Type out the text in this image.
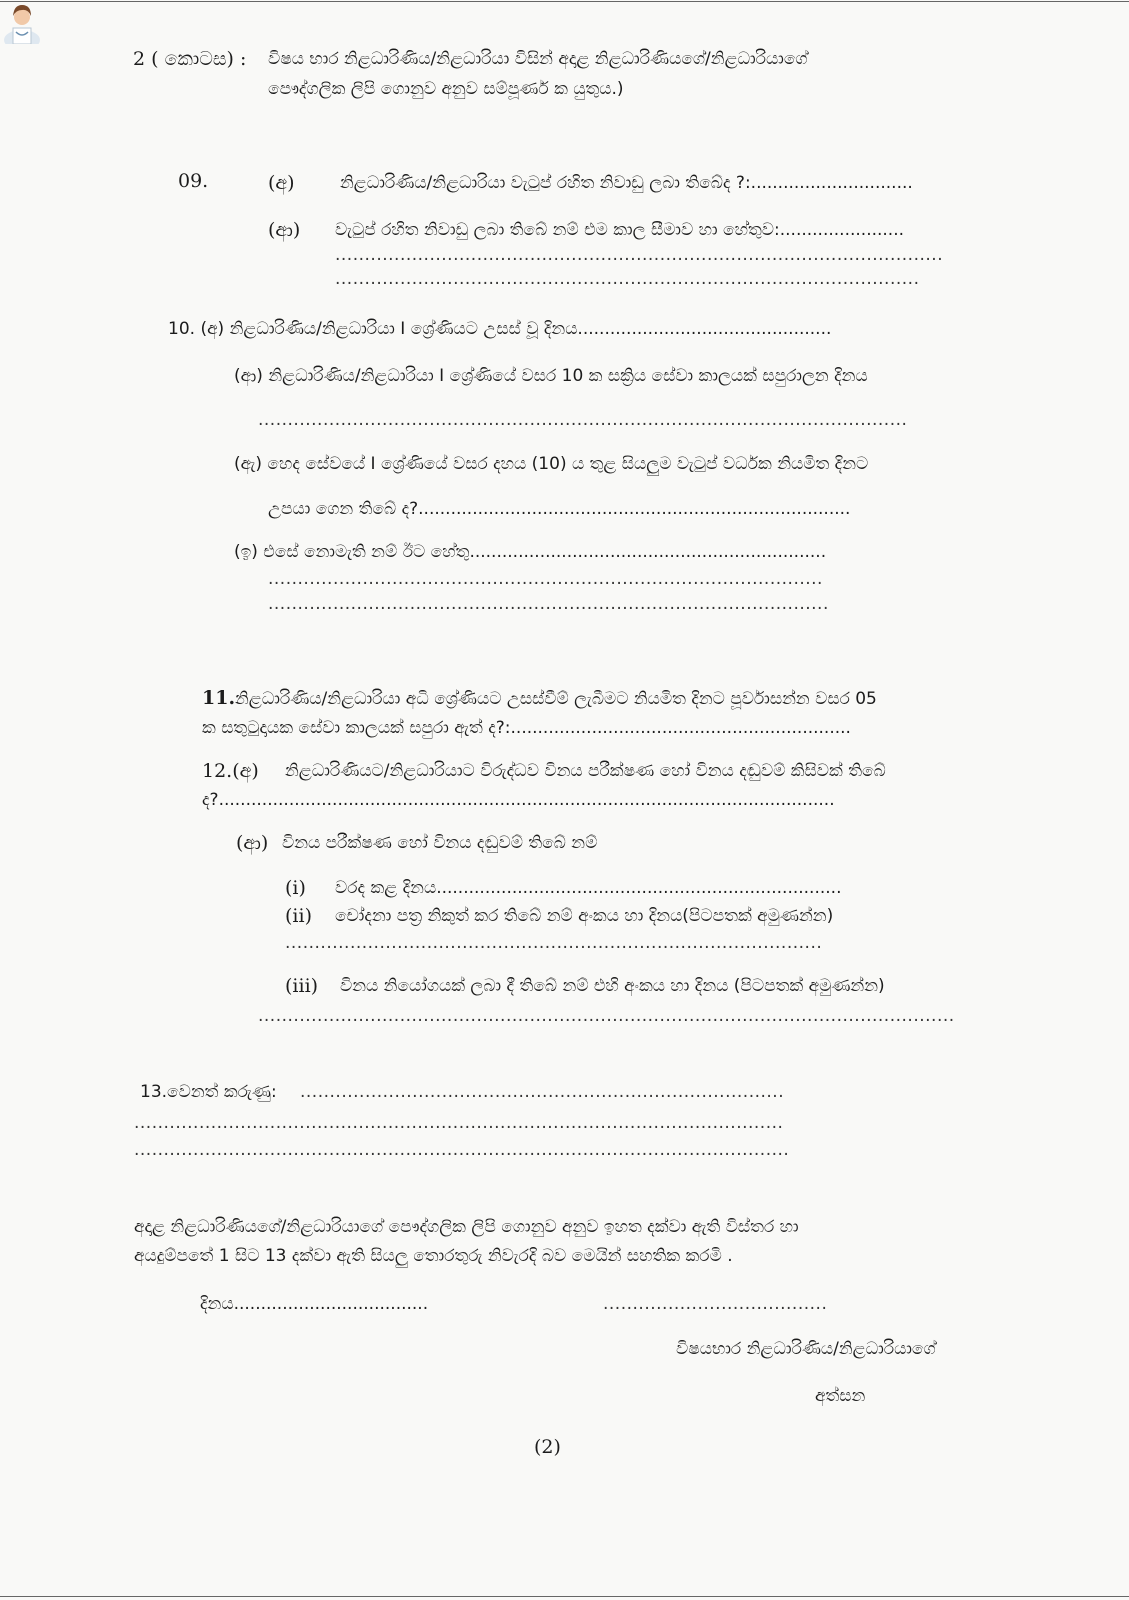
2 ( කොටස) : විෂය භාර නිළධාරිණිය/නිළධාරියා විසින් අදාළ නිළධාරිණියගේ/නිළධාරියාගේ
පෞද්ගලික ලිපි ගොනුව අනුව සම්පූර්ණ ක යුතුය.)
09.	(අ)	නිළධාරිණිය/නිළධාරියා වැටුප් රහිත නිවාඩු ලබා තිබේද ?:..............................
(ආ) වැටුප් රහිත නිවාඩු ලබා තිබේ නම් එම කාල සීමාව හා හේතුව:.......................
.......................................................................................................
...................................................................................................
10. (අ) නිළධාරිණිය/නිළධාරියා I ශ්‍රේණියට උසස් වූ දිනය...............................................
(ආ) නිළධාරිණිය/නිළධාරියා I ශ්‍රේණියේ වසර 10 ක සක්‍රිය සේවා කාලයක් සපුරාලන දිනය
..............................................................................................................
(ඇ) හෙද සේවයේ I ශ්‍රේණියේ වසර දහය (10) ය තුළ සියලුම වැටුප් වර්ධක නියමිත දිනට
උපයා ගෙන තිබේ ද?................................................................................
(ඉ) එසේ නොමැති නම් ඊට හේතු..................................................................
..............................................................................................
...............................................................................................
11. නිළධාරිණිය/නිළධාරියා අධි ශ්‍රේණියට උසස්වීම් ලැබීමට නියමිත දිනට පූර්වාසන්න වසර 05
ක සතුටුදායක සේවා කාලයක් සපුරා ඇත් ද?:...............................................................
12.(අ) නිළධාරිණියට/නිළධාරියාට විරුද්ධව විනය පරීක්ෂණ හෝ විනය දඬුවම් කිසිවක් තිබේ
ද?..................................................................................................................
(ආ) විනය පරීක්ෂණ හෝ විනය දඬුවම් තිබේ නම්
(i) වරද කළ දිනය...........................................................................
(ii) චෝදනා පත්‍ර නිකුත් කර තිබේ නම් අංකය හා දිනය(පිටපතක් අමුණන්න)
...........................................................................................
(iii) විනය නියෝගයක් ලබා දී තිබේ නම් එහි අංකය හා දිනය (පිටපතක් අමුණන්න)
......................................................................................................................
13.වෙනත් කරුණු: ..................................................................................
..............................................................................................................
...............................................................................................................
අදාළ නිළධාරිණියගේ/නිළධාරියාගේ පෞද්ගලික ලිපි ගොනුව අනුව ඉහත දක්වා ඇති විස්තර හා
අයදුම්පතේ 1 සිට 13 දක්වා ඇති සියලු තොරතුරු නිවැරදි බව මෙයින් සහතික කරමි .
දිනය....................................	......................................
විෂයභාර නිළධාරිණිය/නිළධාරියාගේ
අත්සන
(2)
